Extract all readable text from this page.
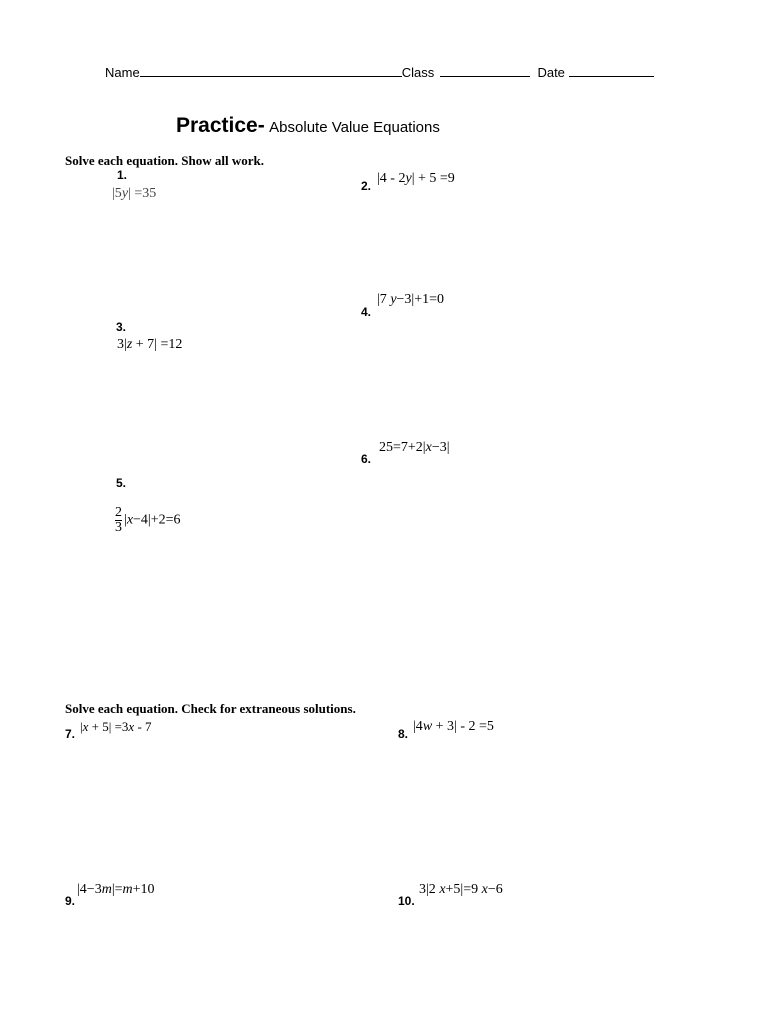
Name	Class	Date
Practice- Absolute Value Equations
Solve each equation. Show all work.
1.
|5y| =35	2. |4 - 2y| + 5 =9
3.
3|z + 7| =12
4.
|7 y−3|+1=0
5.
$\frac{2}{3} |x-4|+2=6$
6.
25=7+2|x−3|
Solve each equation. Check for extraneous solutions.
7. |x + 5| =3x - 7	8. |4w + 3| - 2 =5
9.
|4−3m|=m+10
10.
3|2 x+5|=9 x−6
